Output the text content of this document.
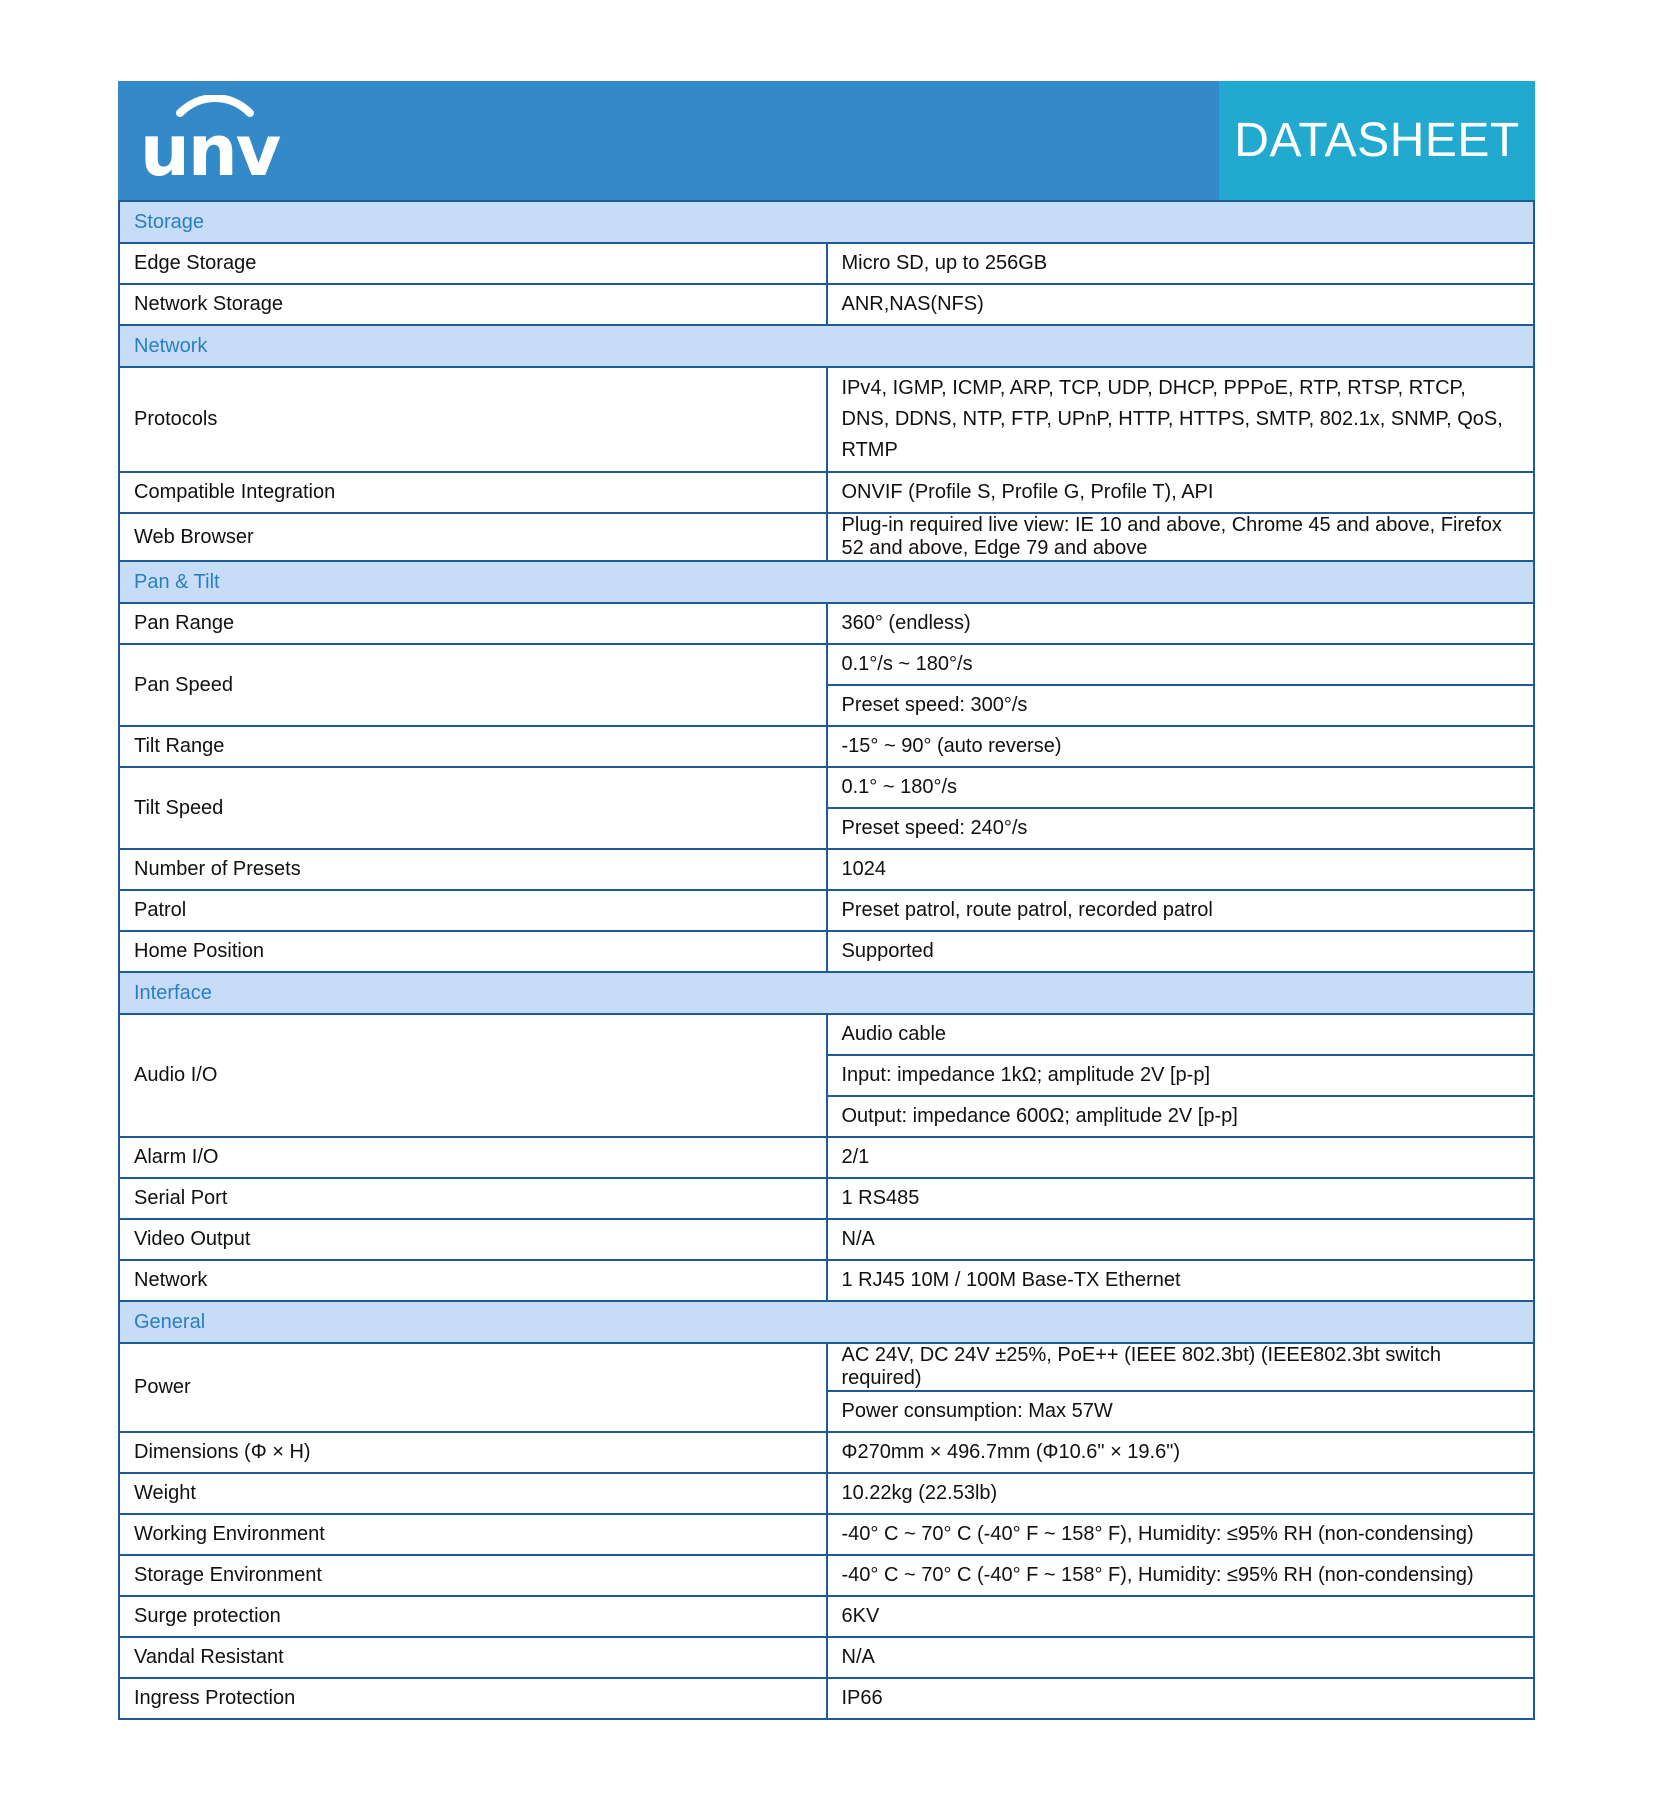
unv	DATASHEET
Storage	
Edge Storage	Micro SD, up to 256GB
Network Storage	ANR,NAS(NFS)
Network	
Protocols	IPv4, IGMP, ICMP, ARP, TCP, UDP, DHCP, PPPoE, RTP, RTSP, RTCP, DNS, DDNS, NTP, FTP, UPnP, HTTP, HTTPS, SMTP, 802.1x, SNMP, QoS, RTMP
Compatible Integration	ONVIF (Profile S, Profile G, Profile T), API
Web Browser	Plug-in required live view: IE 10 and above, Chrome 45 and above, Firefox 52 and above, Edge 79 and above
Pan & Tilt	
Pan Range	360° (endless)
Pan Speed	0.1°/s ~ 180°/s
	Preset speed: 300°/s
Tilt Range	-15° ~ 90° (auto reverse)
Tilt Speed	0.1° ~ 180°/s
	Preset speed: 240°/s
Number of Presets	1024
Patrol	Preset patrol, route patrol, recorded patrol
Home Position	Supported
Interface	
Audio I/O	Audio cable
	Input: impedance 1kΩ; amplitude 2V [p-p]
	Output: impedance 600Ω; amplitude 2V [p-p]
Alarm I/O	2/1
Serial Port	1 RS485
Video Output	N/A
Network	1 RJ45 10M / 100M Base-TX Ethernet
General	
Power	AC 24V, DC 24V ±25%, PoE++ (IEEE 802.3bt) (IEEE802.3bt switch required)
	Power consumption: Max 57W
Dimensions (Φ × H)	Φ270mm × 496.7mm (Φ10.6" × 19.6")
Weight	10.22kg (22.53lb)
Working Environment	-40° C ~ 70° C (-40° F ~ 158° F), Humidity: ≤95% RH (non-condensing)
Storage Environment	-40° C ~ 70° C (-40° F ~ 158° F), Humidity: ≤95% RH (non-condensing)
Surge protection	6KV
Vandal Resistant	N/A
Ingress Protection	IP66
